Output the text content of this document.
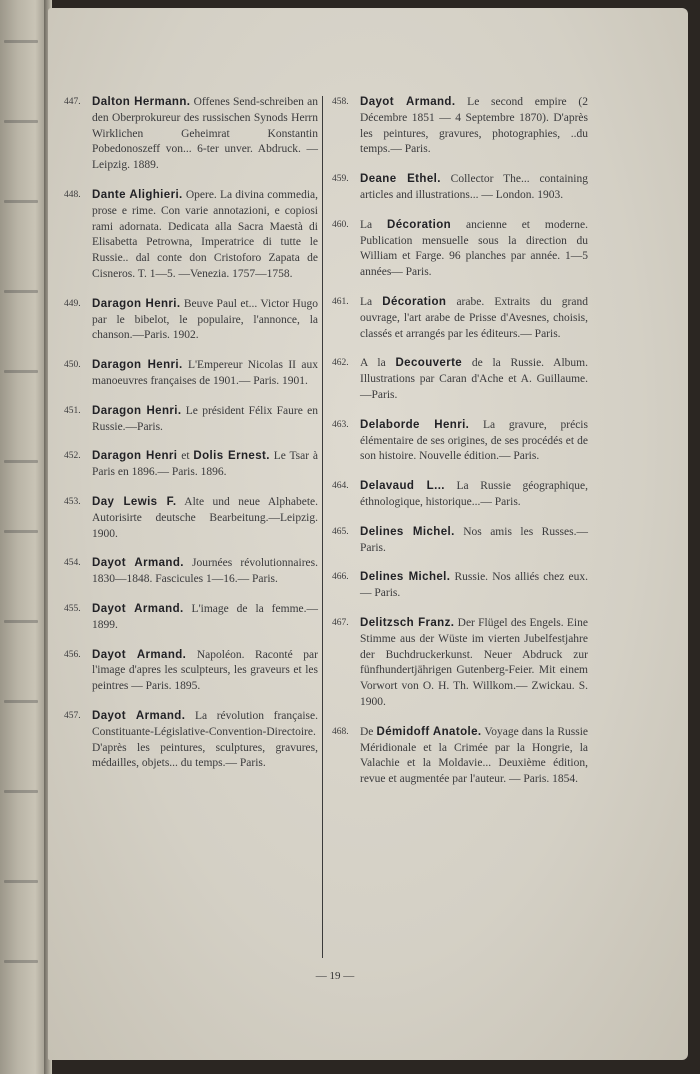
447. Dalton Hermann. Offenes Send-schreiben an den Oberprokureur des russischen Synods Herrn Wirklichen Geheimrat Konstantin Pobedonoszeff von... 6-ter unver. Abdruck. — Leipzig. 1889.
448. Dante Alighieri. Opere. La divina commedia, prose e rime. Con varie annotazioni, e copiosi rami adornata. Dedicata alla Sacra Maestà di Elisabetta Petrowna, Imperatrice di tutte le Russie.. dal conte don Cristoforo Zapata de Cisneros. T. 1—5. —Venezia. 1757—1758.
449. Daragon Henri. Beuve Paul et... Victor Hugo par le bibelot, le populaire, l'annonce, la chanson.—Paris. 1902.
450. Daragon Henri. L'Empereur Nicolas II aux manoeuvres françaises de 1901.— Paris. 1901.
451. Daragon Henri. Le président Félix Faure en Russie.—Paris.
452. Daragon Henri et Dolis Ernest. Le Tsar à Paris en 1896.— Paris. 1896.
453. Day Lewis F. Alte und neue Alphabete. Autorisirte deutsche Bearbeitung.—Leipzig. 1900.
454. Dayot Armand. Journées révolutionnaires. 1830—1848. Fascicules 1—16.— Paris.
455. Dayot Armand. L'image de la femme.—1899.
456. Dayot Armand. Napoléon. Raconté par l'image d'apres les sculpteurs, les graveurs et les peintres — Paris. 1895.
457. Dayot Armand. La révolution française. Constituante-Législative-Convention-Directoire. D'après les peintures, sculptures, gravures, médailles, objets... du temps.— Paris.
458. Dayot Armand. Le second empire (2 Décembre 1851 — 4 Septembre 1870). D'après les peintures, gravures, photographies, ..du temps.— Paris.
459. Deane Ethel. Collector The... containing articles and illustrations... — London. 1903.
460. La Décoration ancienne et moderne. Publication mensuelle sous la direction du William et Farge. 96 planches par année. 1—5 années— Paris.
461. La Décoration arabe. Extraits du grand ouvrage, l'art arabe de Prisse d'Avesnes, choisis, classés et arrangés par les éditeurs.— Paris.
462. A la Decouverte de la Russie. Album. Illustrations par Caran d'Ache et A. Guillaume.—Paris.
463. Delaborde Henri. La gravure, précis élémentaire de ses origines, de ses procédés et de son histoire. Nouvelle édition.— Paris.
464. Delavaud L... La Russie géographique, éthnologique, historique...— Paris.
465. Delines Michel. Nos amis les Russes.— Paris.
466. Delines Michel. Russie. Nos alliés chez eux.— Paris.
467. Delitzsch Franz. Der Flügel des Engels. Eine Stimme aus der Wüste im vierten Jubelfestjahre der Buchdruckerkunst. Neuer Abdruck zur fünfhundertjährigen Gutenberg-Feier. Mit einem Vorwort von O. H. Th. Willkom.— Zwickau. S. 1900.
468. De Démidoff Anatole. Voyage dans la Russie Méridionale et la Crimée par la Hongrie, la Valachie et la Moldavie... Deuxième édition, revue et augmentée par l'auteur. — Paris. 1854.
— 19 —
